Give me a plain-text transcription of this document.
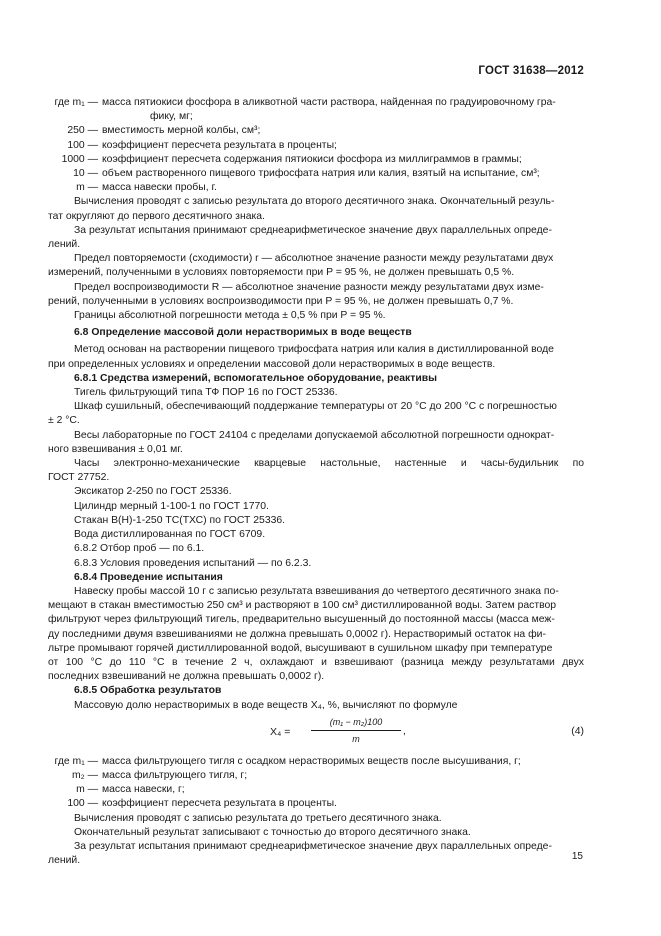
ГОСТ 31638—2012
где m₁ — масса пятиокиси фосфора в аликвотной части раствора, найденная по градуировочному гра-
фику, мг;
250 — вместимость мерной колбы, см³;
100 — коэффициент пересчета результата в проценты;
1000 — коэффициент пересчета содержания пятиокиси фосфора из миллиграммов в граммы;
10 — объем растворенного пищевого трифосфата натрия или калия, взятый на испытание, см³;
m — масса навески пробы, г.
Вычисления проводят с записью результата до второго десятичного знака. Окончательный резуль-
тат округляют до первого десятичного знака.
За результат испытания принимают среднеарифметическое значение двух параллельных опреде-
лений.
Предел повторяемости (сходимости) r — абсолютное значение разности между результатами двух
измерений, полученными в условиях повторяемости при P = 95 %, не должен превышать 0,5 %.
Предел воспроизводимости R — абсолютное значение разности между результатами двух изме-
рений, полученными в условиях воспроизводимости при P = 95 %, не должен превышать 0,7 %.
Границы абсолютной погрешности метода ± 0,5 % при P = 95 %.
6.8 Определение массовой доли нерастворимых в воде веществ
Метод основан на растворении пищевого трифосфата натрия или калия в дистиллированной воде
при определенных условиях и определении массовой доли нерастворимых в воде веществ.
6.8.1 Средства измерений, вспомогательное оборудование, реактивы
Тигель фильтрующий типа ТФ ПОР 16 по ГОСТ 25336.
Шкаф сушильный, обеспечивающий поддержание температуры от 20 °C до 200 °C с погрешностью
± 2 °C.
Весы лабораторные по ГОСТ 24104 с пределами допускаемой абсолютной погрешности однократ-
ного взвешивания ± 0,01 мг.
Часы электронно-механические кварцевые настольные, настенные и часы-будильник по
ГОСТ 27752.
Эксикатор 2-250 по ГОСТ 25336.
Цилиндр мерный 1-100-1 по ГОСТ 1770.
Стакан В(Н)-1-250 ТС(ТХС) по ГОСТ 25336.
Вода дистиллированная по ГОСТ 6709.
6.8.2 Отбор проб — по 6.1.
6.8.3 Условия проведения испытаний — по 6.2.3.
6.8.4 Проведение испытания
Навеску пробы массой 10 г с записью результата взвешивания до четвертого десятичного знака по-
мещают в стакан вместимостью 250 см³ и растворяют в 100 см³ дистиллированной воды. Затем раствор
фильтруют через фильтрующий тигель, предварительно высушенный до постоянной массы (масса меж-
ду последними двумя взвешиваниями не должна превышать 0,0002 г). Нерастворимый остаток на фи-
льтре промывают горячей дистиллированной водой, высушивают в сушильном шкафу при температуре
от 100 °C до 110 °C в течение 2 ч, охлаждают и взвешивают (разница между результатами двух
последних взвешиваний не должна превышать 0,0002 г).
6.8.5 Обработка результатов
Массовую долю нерастворимых в воде веществ X₄, %, вычисляют по формуле
$X_4 = \frac{\text{(m₁ − m₂)100}}{m}$ ,	(4)
где m₁ — масса фильтрующего тигля с осадком нерастворимых веществ после высушивания, г;
m₂ — масса фильтрующего тигля, г;
m — масса навески, г;
100 — коэффициент пересчета результата в проценты.
Вычисления проводят с записью результата до третьего десятичного знака.
Окончательный результат записывают с точностью до второго десятичного знака.
За результат испытания принимают среднеарифметическое значение двух параллельных опреде-
лений.	15
